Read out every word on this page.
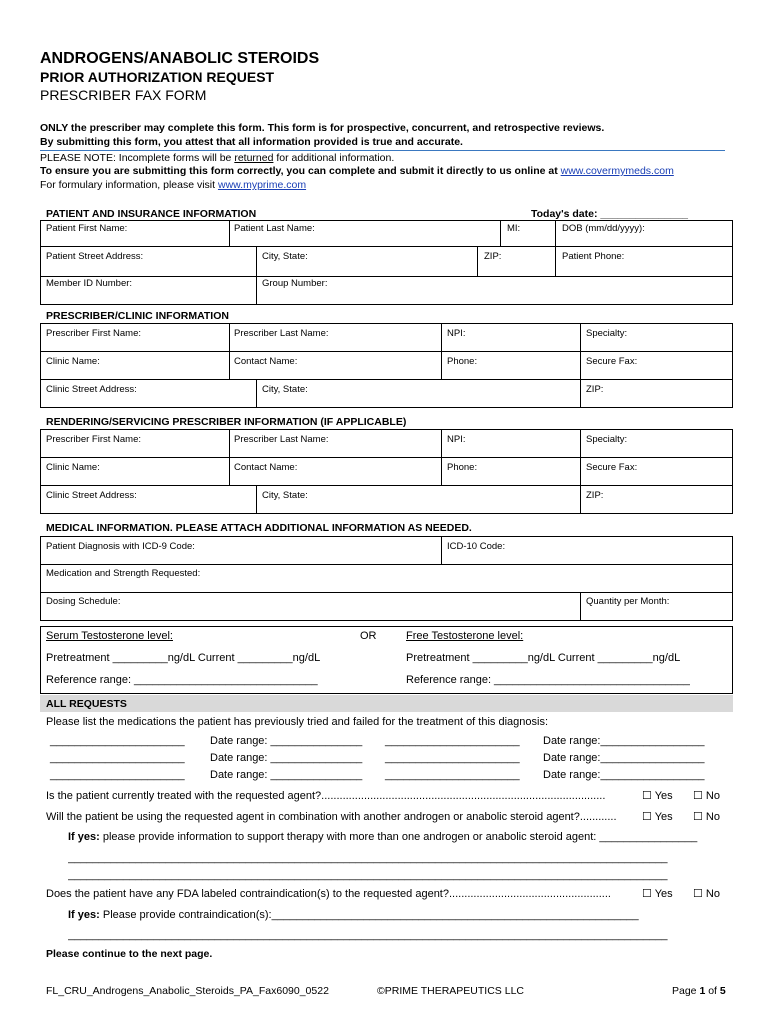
ANDROGENS/ANABOLIC STEROIDS
PRIOR AUTHORIZATION REQUEST
PRESCRIBER FAX FORM
ONLY the prescriber may complete this form. This form is for prospective, concurrent, and retrospective reviews.
By submitting this form, you attest that all information provided is true and accurate.
PLEASE NOTE: Incomplete forms will be returned for additional information.
To ensure you are submitting this form correctly, you can complete and submit it directly to us online at www.covermymeds.com
For formulary information, please visit www.myprime.com
PATIENT AND INSURANCE INFORMATION	Today's date: _______________
Patient First Name:	Patient Last Name:	MI:	DOB (mm/dd/yyyy):
Patient Street Address:	City, State:	ZIP:	Patient Phone:
Member ID Number:	Group Number:
PRESCRIBER/CLINIC INFORMATION
Prescriber First Name:	Prescriber Last Name:	NPI:	Specialty:
Clinic Name:	Contact Name:	Phone:	Secure Fax:
Clinic Street Address:	City, State:	ZIP:
RENDERING/SERVICING PRESCRIBER INFORMATION (IF APPLICABLE)
Prescriber First Name:	Prescriber Last Name:	NPI:	Specialty:
Clinic Name:	Contact Name:	Phone:	Secure Fax:
Clinic Street Address:	City, State:	ZIP:
MEDICAL INFORMATION. PLEASE ATTACH ADDITIONAL INFORMATION AS NEEDED.
Patient Diagnosis with ICD-9 Code:	ICD-10 Code:
Medication and Strength Requested:
Dosing Schedule:	Quantity per Month:
Serum Testosterone level:	OR	Free Testosterone level:
Pretreatment _________ng/dL Current _________ng/dL	Pretreatment _________ng/dL Current _________ng/dL
Reference range: ______________________________	Reference range: ________________________________
ALL REQUESTS
Please list the medications the patient has previously tried and failed for the treatment of this diagnosis:
______________________ Date range: _______________ ______________________ Date range:_________________
______________________ Date range: _______________ ______________________ Date range:_________________
______________________ Date range: _______________ ______________________ Date range:_________________
Is the patient currently treated with the requested agent?.............................................................................................	☐ Yes ☐ No
Will the patient be using the requested agent in combination with another androgen or anabolic steroid agent?............	☐ Yes ☐ No
If yes: please provide information to support therapy with more than one androgen or anabolic steroid agent: ________________
__________________________________________________________________________________________________
__________________________________________________________________________________________________
Does the patient have any FDA labeled contraindication(s) to the requested agent?.....................................................	☐ Yes ☐ No
If yes: Please provide contraindication(s):____________________________________________________________
__________________________________________________________________________________________________
Please continue to the next page.
FL_CRU_Androgens_Anabolic_Steroids_PA_Fax6090_0522	©PRIME THERAPEUTICS LLC	Page 1 of 5
